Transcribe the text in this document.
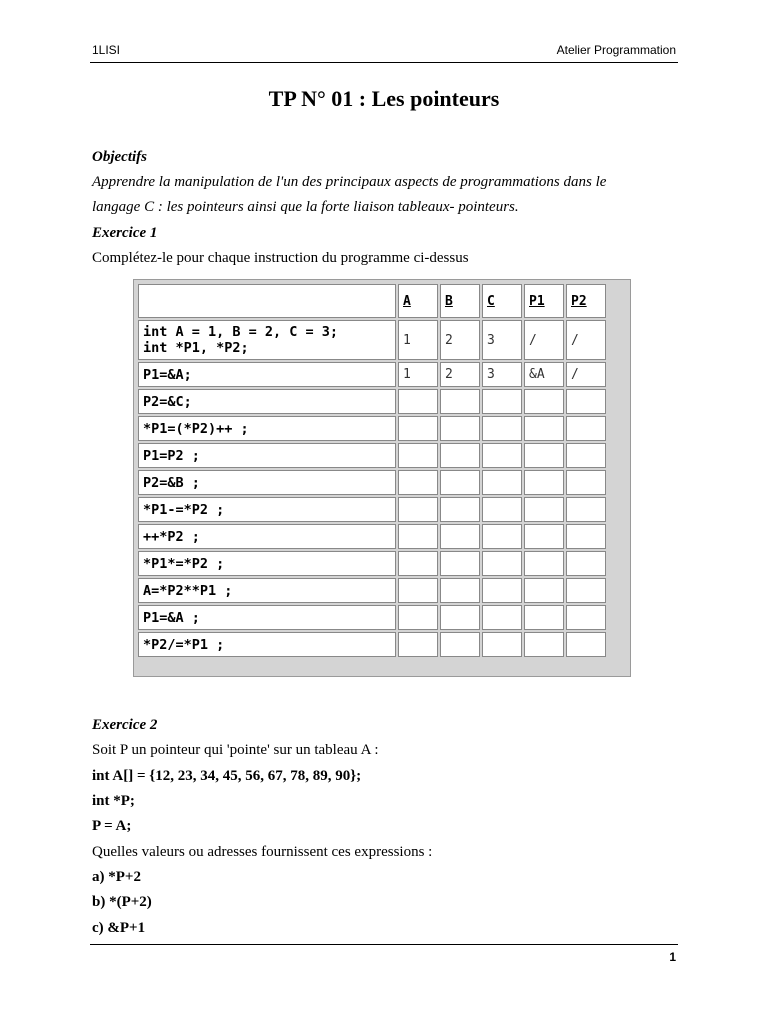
1LISI	Atelier Programmation
TP N° 01 : Les pointeurs
Objectifs
Apprendre la manipulation de l'un des principaux aspects de programmations dans le
langage C : les pointeurs ainsi que la forte liaison tableaux- pointeurs.
Exercice 1
Complétez-le pour chaque instruction du programme ci-dessus
	A	B	C	P1	P2
int A = 1, B = 2, C = 3;
int *P1, *P2;	1	2	3	/	/
P1=&A;	1	2	3	&A	/
P2=&C;					
*P1=(*P2)++ ;					
P1=P2 ;					
P2=&B ;					
*P1-=*P2 ;					
++*P2 ;					
*P1*=*P2 ;					
A=*P2**P1 ;					
P1=&A ;					
*P2/=*P1 ;					
Exercice 2
Soit P un pointeur qui 'pointe' sur un tableau A :
int A[] = {12, 23, 34, 45, 56, 67, 78, 89, 90};
int *P;
P = A;
Quelles valeurs ou adresses fournissent ces expressions :
a) *P+2
b) *(P+2)
c) &P+1
1
